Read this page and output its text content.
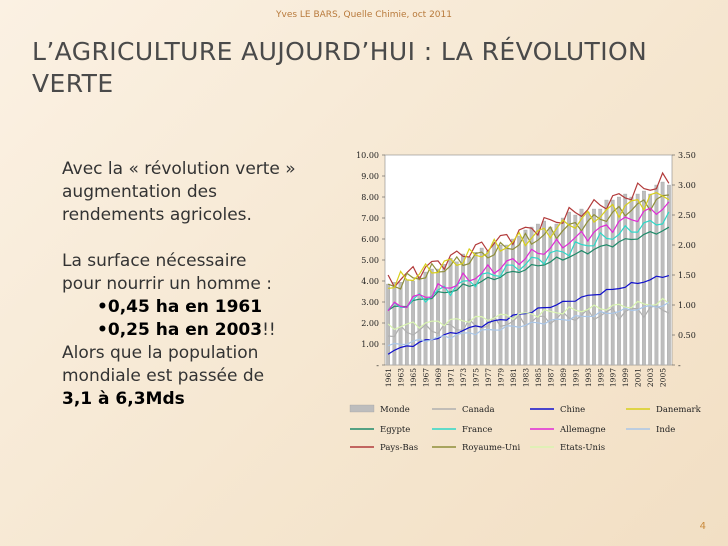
Yves LE BARS, Quelle Chimie, oct 2011
L’AGRICULTURE AUJOURD’HUI : LA RÉVOLUTION
VERTE
Avec la « révolution verte »
augmentation des
rendements agricoles.
La surface nécessaire
pour nourrir un homme :
•0,45 ha en 1961
•0,25 ha en 2003!!
Alors que la population
mondiale est passée de
3,1 à 6,3Mds
-
1.00
2.00
3.00
4.00
5.00
6.00
7.00
8.00
9.00
10.00
-
0.50
1.00
1.50
2.00
2.50
3.00
3.50
1961 1963 1965 1967 1969 1971 1973 1975 1977 1979 1981 1983 1985 1987 1989 1991 1993 1995 1997 1999 2001 2003 2005
Monde	Canada	Chine	Danemark
Egypte	France	Allemagne	Inde
Pays-Bas	Royaume-Uni	Etats-Unis
4
